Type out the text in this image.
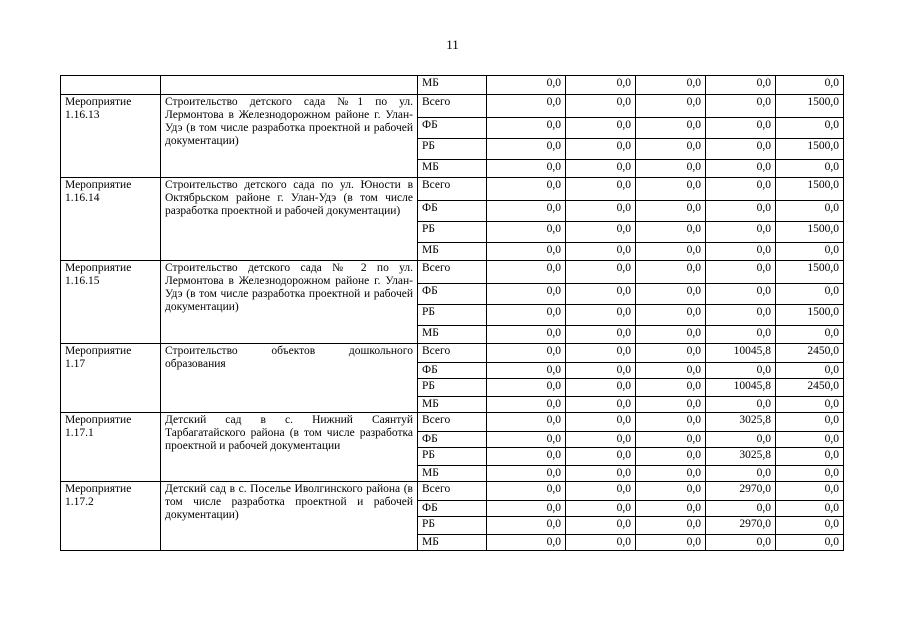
11
		МБ	0,0	0,0	0,0	0,0	0,0
Мероприятие
1.16.13	Строительство детского сада №1 по ул. Лермонтова в Железнодорожном районе г. Улан-Удэ (в том числе разработка проектной и рабочей документации)	Всего	0,0	0,0	0,0	0,0	1500,0
		ФБ	0,0	0,0	0,0	0,0	0,0
		РБ	0,0	0,0	0,0	0,0	1500,0
		МБ	0,0	0,0	0,0	0,0	0,0
Мероприятие
1.16.14	Строительство детского сада по ул. Юности в Октябрьском районе г. Улан-Удэ (в том числе разработка проектной и рабочей документации)	Всего	0,0	0,0	0,0	0,0	1500,0
		ФБ	0,0	0,0	0,0	0,0	0,0
		РБ	0,0	0,0	0,0	0,0	1500,0
		МБ	0,0	0,0	0,0	0,0	0,0
Мероприятие
1.16.15	Строительство детского сада № 2 по ул. Лермонтова в Железнодорожном районе г. Улан-Удэ (в том числе разработка проектной и рабочей документации)	Всего	0,0	0,0	0,0	0,0	1500,0
		ФБ	0,0	0,0	0,0	0,0	0,0
		РБ	0,0	0,0	0,0	0,0	1500,0
		МБ	0,0	0,0	0,0	0,0	0,0
Мероприятие
1.17	Строительство объектов дошкольного образования	Всего	0,0	0,0	0,0	10045,8	2450,0
		ФБ	0,0	0,0	0,0	0,0	0,0
		РБ	0,0	0,0	0,0	10045,8	2450,0
		МБ	0,0	0,0	0,0	0,0	0,0
Мероприятие
1.17.1	Детский сад в с. Нижний Саянтуй Тарбагатайского района (в том числе разработка проектной и рабочей документации	Всего	0,0	0,0	0,0	3025,8	0,0
		ФБ	0,0	0,0	0,0	0,0	0,0
		РБ	0,0	0,0	0,0	3025,8	0,0
		МБ	0,0	0,0	0,0	0,0	0,0
Мероприятие
1.17.2	Детский сад в с. Поселье Иволгинского района (в том числе разработка проектной и рабочей документации)	Всего	0,0	0,0	0,0	2970,0	0,0
		ФБ	0,0	0,0	0,0	0,0	0,0
		РБ	0,0	0,0	0,0	2970,0	0,0
		МБ	0,0	0,0	0,0	0,0	0,0
